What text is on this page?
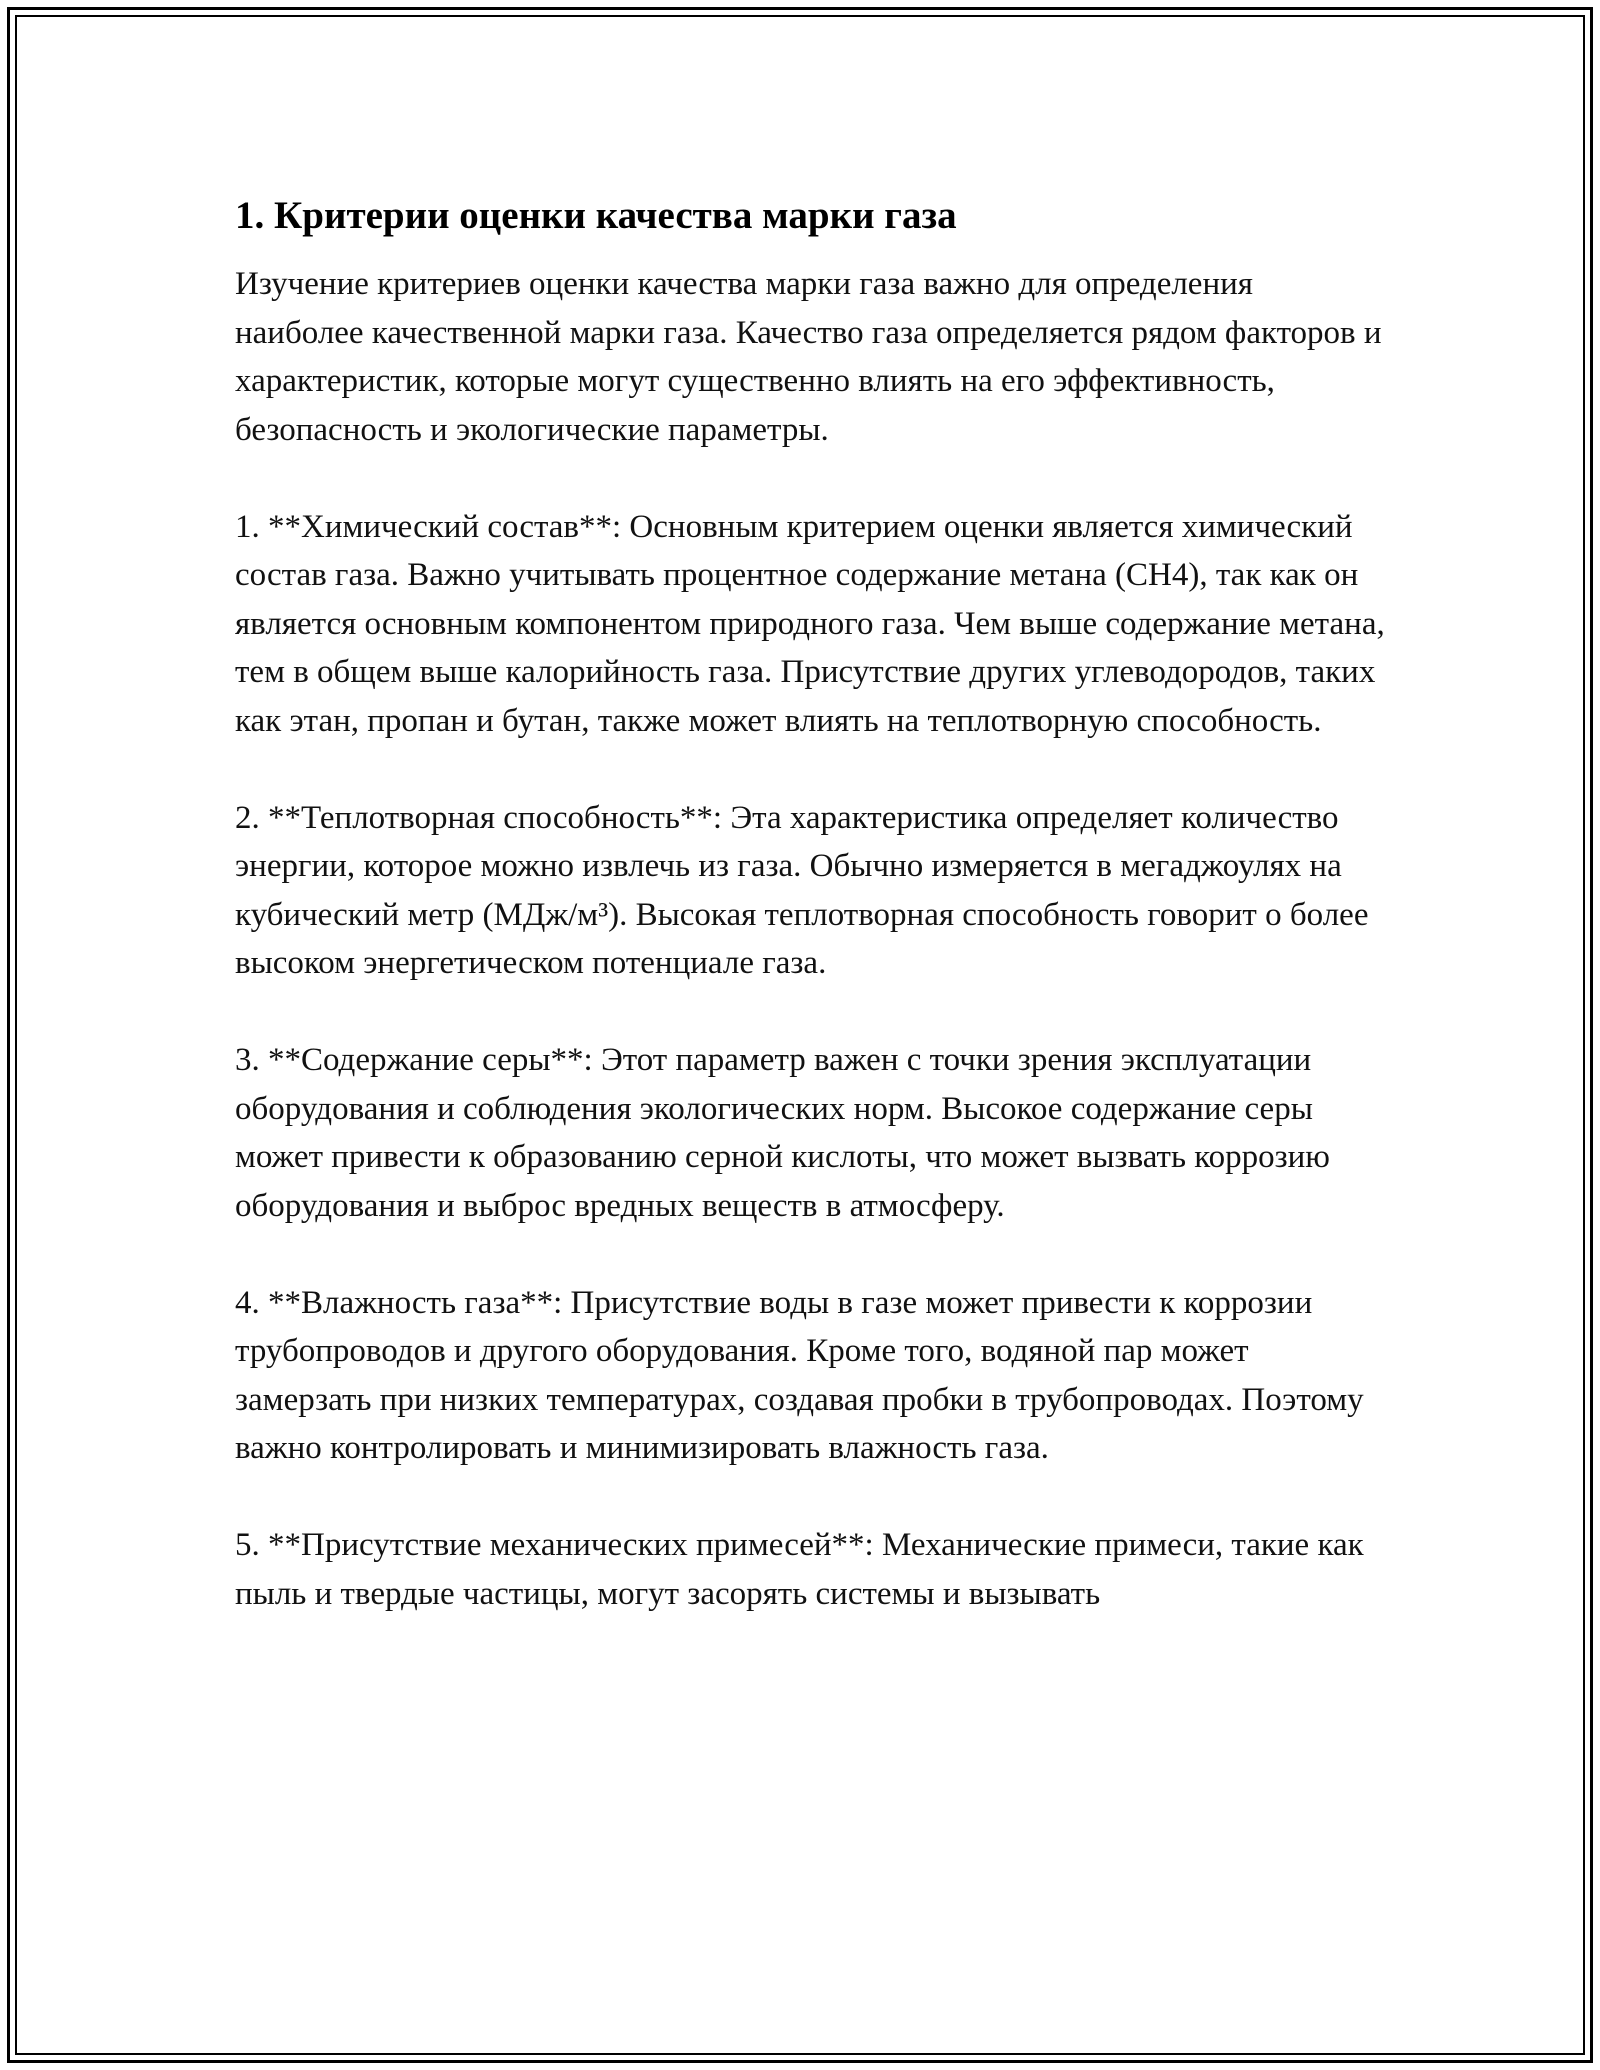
1. Критерии оценки качества марки газа

Изучение критериев оценки качества марки газа важно для определения наиболее качественной марки газа. Качество газа определяется рядом факторов и характеристик, которые могут существенно влиять на его эффективность, безопасность и экологические параметры.

1. **Химический состав**: Основным критерием оценки является химический состав газа. Важно учитывать процентное содержание метана (CH4), так как он является основным компонентом природного газа. Чем выше содержание метана, тем в общем выше калорийность газа. Присутствие других углеводородов, таких как этан, пропан и бутан, также может влиять на теплотворную способность.

2. **Теплотворная способность**: Эта характеристика определяет количество энергии, которое можно извлечь из газа. Обычно измеряется в мегаджоулях на кубический метр (МДж/м³). Высокая теплотворная способность говорит о более высоком энергетическом потенциале газа.

3. **Содержание серы**: Этот параметр важен с точки зрения эксплуатации оборудования и соблюдения экологических норм. Высокое содержание серы может привести к образованию серной кислоты, что может вызвать коррозию оборудования и выброс вредных веществ в атмосферу.

4. **Влажность газа**: Присутствие воды в газе может привести к коррозии трубопроводов и другого оборудования. Кроме того, водяной пар может замерзать при низких температурах, создавая пробки в трубопроводах. Поэтому важно контролировать и минимизировать влажность газа.

5. **Присутствие механических примесей**: Механические примеси, такие как пыль и твердые частицы, могут засорять системы и вызывать
